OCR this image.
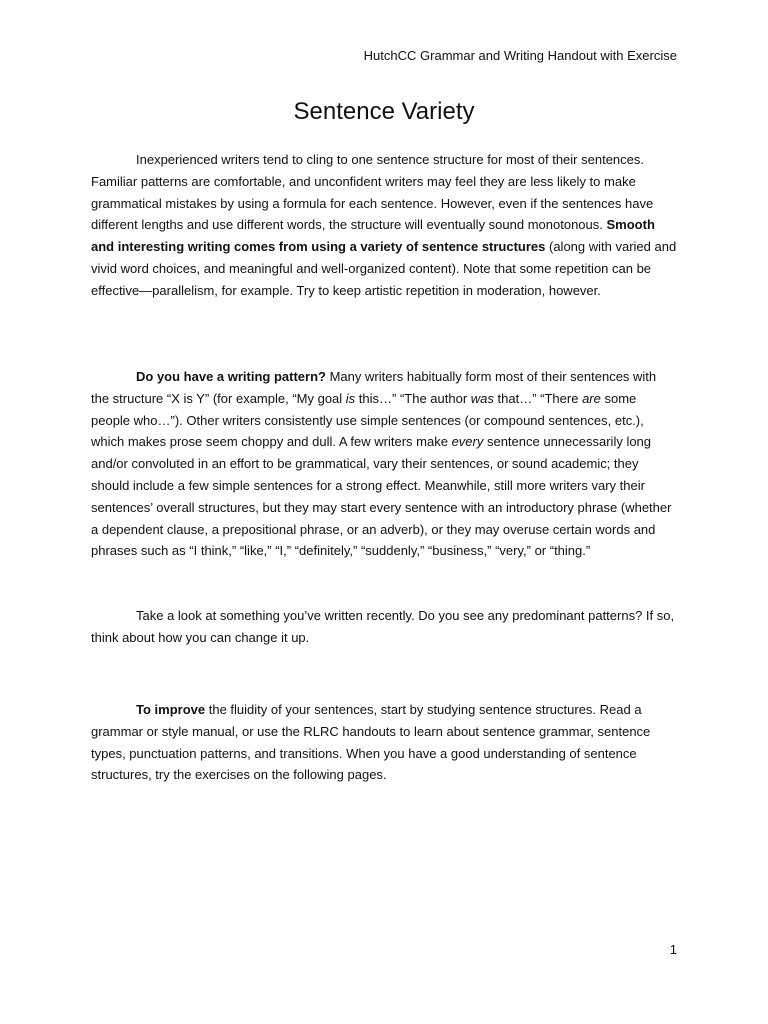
HutchCC Grammar and Writing Handout with Exercise
Sentence Variety

Inexperienced writers tend to cling to one sentence structure for most of their sentences. Familiar patterns are comfortable, and unconfident writers may feel they are less likely to make grammatical mistakes by using a formula for each sentence. However, even if the sentences have different lengths and use different words, the structure will eventually sound monotonous. Smooth and interesting writing comes from using a variety of sentence structures (along with varied and vivid word choices, and meaningful and well-organized content). Note that some repetition can be effective—parallelism, for example. Try to keep artistic repetition in moderation, however.

Do you have a writing pattern? Many writers habitually form most of their sentences with the structure “X is Y” (for example, “My goal is this…” “The author was that…” “There are some people who…”). Other writers consistently use simple sentences (or compound sentences, etc.), which makes prose seem choppy and dull. A few writers make every sentence unnecessarily long and/or convoluted in an effort to be grammatical, vary their sentences, or sound academic; they should include a few simple sentences for a strong effect. Meanwhile, still more writers vary their sentences’ overall structures, but they may start every sentence with an introductory phrase (whether a dependent clause, a prepositional phrase, or an adverb), or they may overuse certain words and phrases such as “I think,” “like,” “I,” “definitely,” “suddenly,” “business,” “very,” or “thing.”

Take a look at something you’ve written recently. Do you see any predominant patterns? If so, think about how you can change it up.

To improve the fluidity of your sentences, start by studying sentence structures. Read a grammar or style manual, or use the RLRC handouts to learn about sentence grammar, sentence types, punctuation patterns, and transitions. When you have a good understanding of sentence structures, try the exercises on the following pages.

1
